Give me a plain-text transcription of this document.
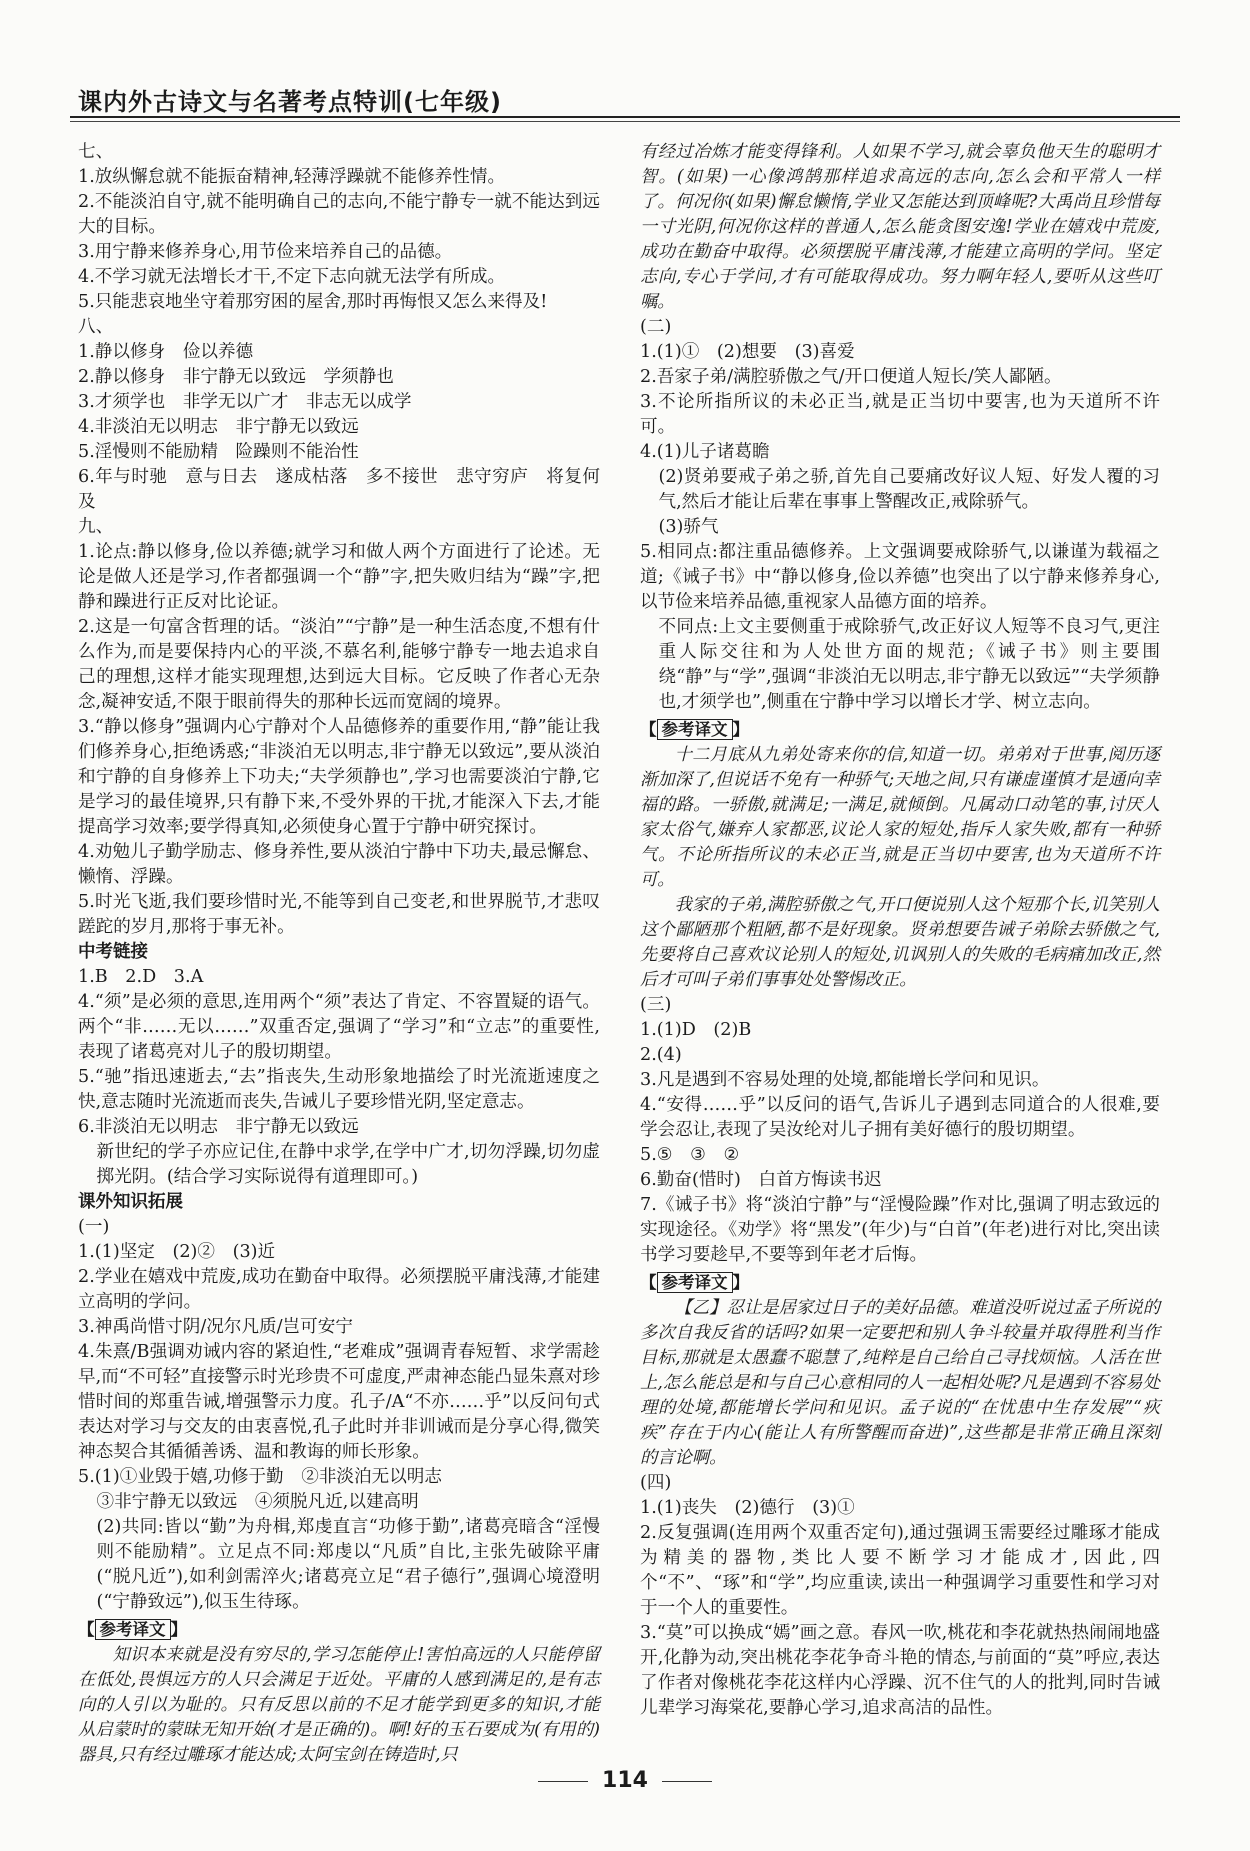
课内外古诗文与名著考点特训(七年级)

七、

1.放纵懈怠就不能振奋精神,轻薄浮躁就不能修养性情。

2.不能淡泊自守,就不能明确自己的志向,不能宁静专一就不能达到远大的目标。

3.用宁静来修养身心,用节俭来培养自己的品德。

4.不学习就无法增长才干,不定下志向就无法学有所成。

5.只能悲哀地坐守着那穷困的屋舍,那时再悔恨又怎么来得及!

八、

1.静以修身　俭以养德

2.静以修身　非宁静无以致远　学须静也

3.才须学也　非学无以广才　非志无以成学

4.非淡泊无以明志　非宁静无以致远

5.淫慢则不能励精　险躁则不能治性

6.年与时驰　意与日去　遂成枯落　多不接世　悲守穷庐　将复何及

九、

1.论点:静以修身,俭以养德;就学习和做人两个方面进行了论述。无论是做人还是学习,作者都强调一个“静”字,把失败归结为“躁”字,把静和躁进行正反对比论证。

2.这是一句富含哲理的话。“淡泊”“宁静”是一种生活态度,不想有什么作为,而是要保持内心的平淡,不慕名利,能够宁静专一地去追求自己的理想,这样才能实现理想,达到远大目标。它反映了作者心无杂念,凝神安适,不限于眼前得失的那种长远而宽阔的境界。

3.“静以修身”强调内心宁静对个人品德修养的重要作用,“静”能让我们修养身心,拒绝诱惑;“非淡泊无以明志,非宁静无以致远”,要从淡泊和宁静的自身修养上下功夫;“夫学须静也”,学习也需要淡泊宁静,它是学习的最佳境界,只有静下来,不受外界的干扰,才能深入下去,才能提高学习效率;要学得真知,必须使身心置于宁静中研究探讨。

4.劝勉儿子勤学励志、修身养性,要从淡泊宁静中下功夫,最忌懈怠、懒惰、浮躁。

5.时光飞逝,我们要珍惜时光,不能等到自己变老,和世界脱节,才悲叹蹉跎的岁月,那将于事无补。

中考链接

1.B　2.D　3.A

4.“须”是必须的意思,连用两个“须”表达了肯定、不容置疑的语气。两个“非……无以……”双重否定,强调了“学习”和“立志”的重要性,表现了诸葛亮对儿子的殷切期望。

5.“驰”指迅速逝去,“去”指丧失,生动形象地描绘了时光流逝速度之快,意志随时光流逝而丧失,告诫儿子要珍惜光阴,坚定意志。

6.非淡泊无以明志　非宁静无以致远

新世纪的学子亦应记住,在静中求学,在学中广才,切勿浮躁,切勿虚掷光阴。(结合学习实际说得有道理即可。)

课外知识拓展

(一)

1.(1)坚定　(2)②　(3)近

2.学业在嬉戏中荒废,成功在勤奋中取得。必须摆脱平庸浅薄,才能建立高明的学问。

3.神禹尚惜寸阴/况尔凡质/岂可安宁

4.朱熹/B强调劝诫内容的紧迫性,“老难成”强调青春短暂、求学需趁早,而“不可轻”直接警示时光珍贵不可虚度,严肃神态能凸显朱熹对珍惜时间的郑重告诫,增强警示力度。孔子/A“不亦……乎”以反问句式表达对学习与交友的由衷喜悦,孔子此时并非训诫而是分享心得,微笑神态契合其循循善诱、温和教诲的师长形象。

5.(1)①业毁于嬉,功修于勤　②非淡泊无以明志

③非宁静无以致远　④须脱凡近,以建高明

(2)共同:皆以“勤”为舟楫,郑虔直言“功修于勤”,诸葛亮暗含“淫慢则不能励精”。立足点不同:郑虔以“凡质”自比,主张先破除平庸(“脱凡近”),如利剑需淬火;诸葛亮立足“君子德行”,强调心境澄明(“宁静致远”),似玉生待琢。

【 参考译文 】

知识本来就是没有穷尽的,学习怎能停止!害怕高远的人只能停留在低处,畏惧远方的人只会满足于近处。平庸的人感到满足的,是有志向的人引以为耻的。只有反思以前的不足才能学到更多的知识,才能从启蒙时的蒙昧无知开始(才是正确的)。啊!好的玉石要成为(有用的)器具,只有经过雕琢才能达成;太阿宝剑在铸造时,只

有经过冶炼才能变得锋利。人如果不学习,就会辜负他天生的聪明才智。(如果)一心像鸿鹄那样追求高远的志向,怎么会和平常人一样了。何况你(如果)懈怠懒惰,学业又怎能达到顶峰呢?大禹尚且珍惜每一寸光阴,何况你这样的普通人,怎么能贪图安逸!学业在嬉戏中荒废,成功在勤奋中取得。必须摆脱平庸浅薄,才能建立高明的学问。坚定志向,专心于学问,才有可能取得成功。努力啊年轻人,要听从这些叮嘱。

(二)

1.(1)①　(2)想要　(3)喜爱

2.吾家子弟/满腔骄傲之气/开口便道人短长/笑人鄙陋。

3.不论所指所议的未必正当,就是正当切中要害,也为天道所不许可。

4.(1)儿子诸葛瞻

(2)贤弟要戒子弟之骄,首先自己要痛改好议人短、好发人覆的习气,然后才能让后辈在事事上警醒改正,戒除骄气。

(3)骄气

5.相同点:都注重品德修养。上文强调要戒除骄气,以谦谨为载福之道;《诫子书》中“静以修身,俭以养德”也突出了以宁静来修养身心,以节俭来培养品德,重视家人品德方面的培养。

不同点:上文主要侧重于戒除骄气,改正好议人短等不良习气,更注重人际交往和为人处世方面的规范;《诫子书》则主要围绕“静”与“学”,强调“非淡泊无以明志,非宁静无以致远”“夫学须静也,才须学也”,侧重在宁静中学习以增长才学、树立志向。

【 参考译文 】

十二月底从九弟处寄来你的信,知道一切。弟弟对于世事,阅历逐渐加深了,但说话不免有一种骄气;天地之间,只有谦虚谨慎才是通向幸福的路。一骄傲,就满足;一满足,就倾倒。凡属动口动笔的事,讨厌人家太俗气,嫌弃人家都恶,议论人家的短处,指斥人家失败,都有一种骄气。不论所指所议的未必正当,就是正当切中要害,也为天道所不许可。

我家的子弟,满腔骄傲之气,开口便说别人这个短那个长,讥笑别人这个鄙陋那个粗陋,都不是好现象。贤弟想要告诫子弟除去骄傲之气,先要将自己喜欢议论别人的短处,讥讽别人的失败的毛病痛加改正,然后才可叫子弟们事事处处警惕改正。

(三)

1.(1)D　(2)B

2.(4)

3.凡是遇到不容易处理的处境,都能增长学问和见识。

4.“安得……乎”以反问的语气,告诉儿子遇到志同道合的人很难,要学会忍让,表现了吴汝纶对儿子拥有美好德行的殷切期望。

5.⑤　③　②

6.勤奋(惜时)　白首方悔读书迟

7.《诫子书》将“淡泊宁静”与“淫慢险躁”作对比,强调了明志致远的实现途径。《劝学》将“黑发”(年少)与“白首”(年老)进行对比,突出读书学习要趁早,不要等到年老才后悔。

【 参考译文 】

【乙】忍让是居家过日子的美好品德。难道没听说过孟子所说的多次自我反省的话吗?如果一定要把和别人争斗较量并取得胜利当作目标,那就是太愚蠢不聪慧了,纯粹是自己给自己寻找烦恼。人活在世上,怎么能总是和与自己心意相同的人一起相处呢?凡是遇到不容易处理的处境,都能增长学问和见识。孟子说的“在忧患中生存发展”“疢疾”存在于内心(能让人有所警醒而奋进)”,这些都是非常正确且深刻的言论啊。

(四)

1.(1)丧失　(2)德行　(3)①

2.反复强调(连用两个双重否定句),通过强调玉需要经过雕琢才能成为精美的器物,类比人要不断学习才能成才,因此,四个“不”、“琢”和“学”,均应重读,读出一种强调学习重要性和学习对于一个人的重要性。

3.“莫”可以换成“嫣”画之意。春风一吹,桃花和李花就热热闹闹地盛开,化静为动,突出桃花李花争奇斗艳的情态,与前面的“莫”呼应,表达了作者对像桃花李花这样内心浮躁、沉不住气的人的批判,同时告诫儿辈学习海棠花,要静心学习,追求高洁的品性。

114
